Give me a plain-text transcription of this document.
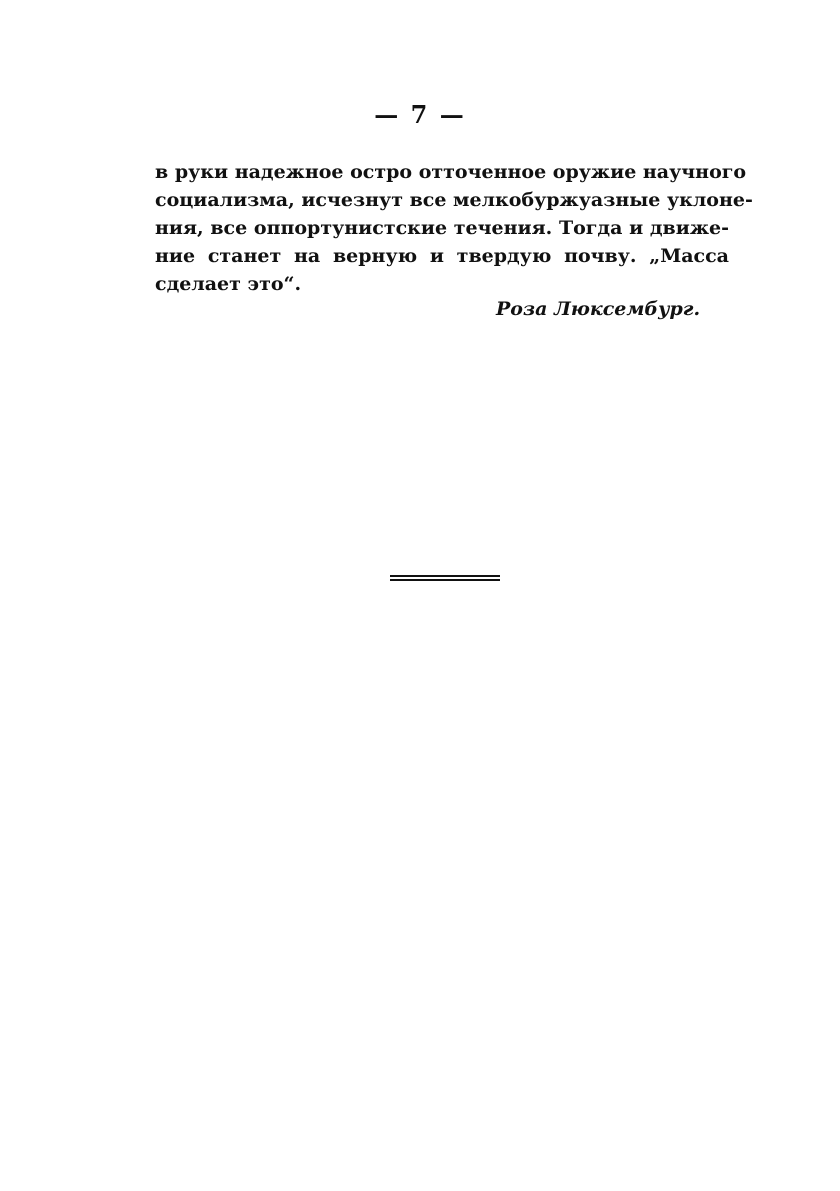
— 7 —
в руки надежное остро отточенное оружие научного
социализма, исчезнут все мелкобуржуазные уклоне-
ния, все оппортунистские течения. Тогда и движе-
ние станет на верную и твердую почву. „Масса
сделает это“.
Роза Люксембург.
